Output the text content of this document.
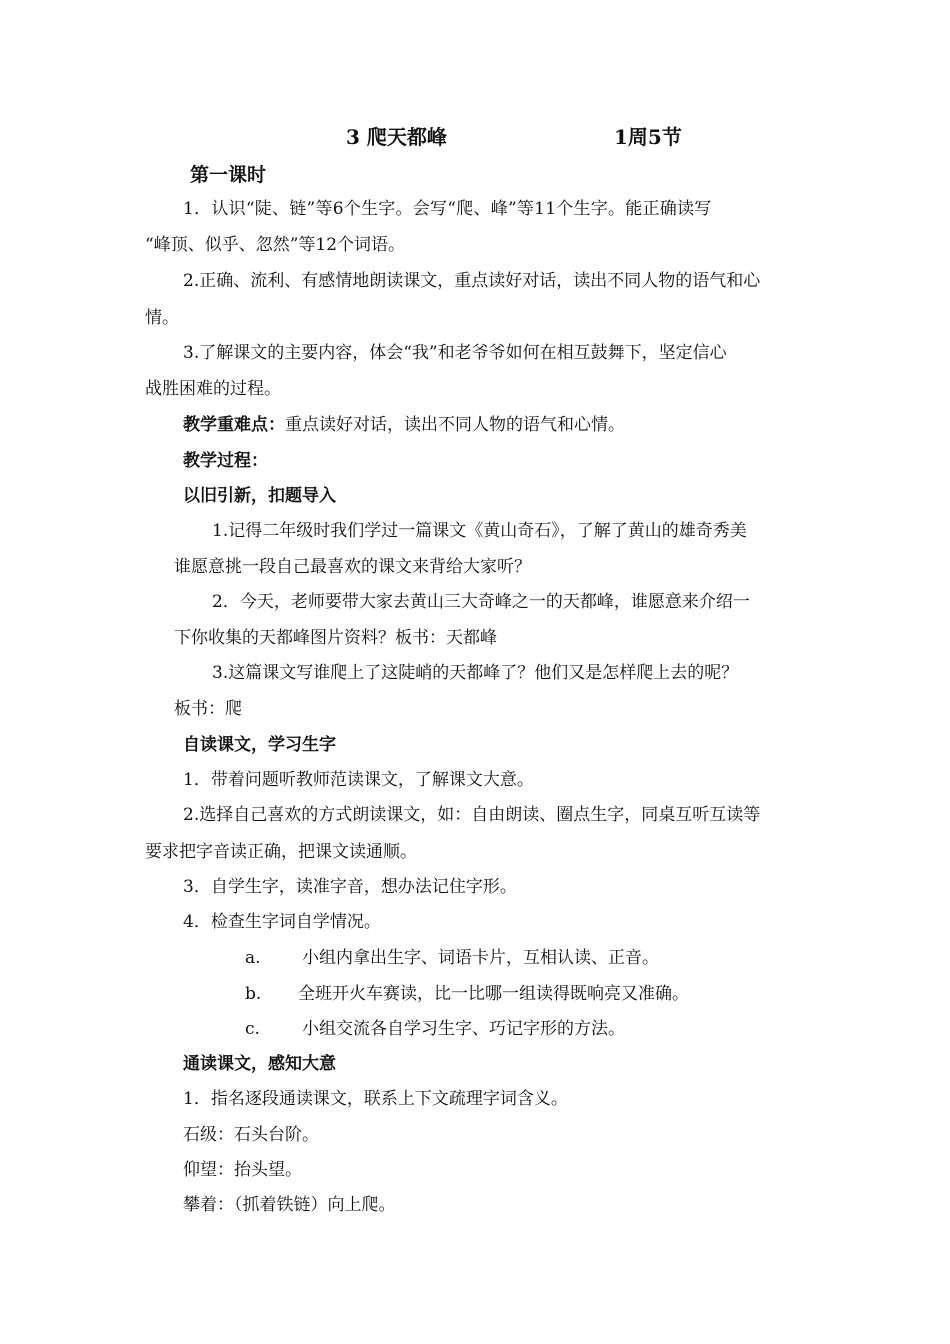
3 爬天都峰	1周5节
第一课时
1．认识“陡、链”等6个生字。会写“爬、峰”等11个生字。能正确读写
“峰顶、似乎、忽然”等12个词语。
2.正确、流利、有感情地朗读课文，重点读好对话，读出不同人物的语气和心
情。
3.了解课文的主要内容，体会“我”和老爷爷如何在相互鼓舞下，坚定信心
战胜困难的过程。
教学重难点：重点读好对话，读出不同人物的语气和心情。
教学过程：
以旧引新，扣题导入
1.记得二年级时我们学过一篇课文《黄山奇石》，了解了黄山的雄奇秀美
谁愿意挑一段自己最喜欢的课文来背给大家听？
2．今天，老师要带大家去黄山三大奇峰之一的天都峰，谁愿意来介绍一
下你收集的天都峰图片资料？板书：天都峰
3.这篇课文写谁爬上了这陡峭的天都峰了？他们又是怎样爬上去的呢？
板书：爬
自读课文，学习生字
1．带着问题听教师范读课文，了解课文大意。
2.选择自己喜欢的方式朗读课文，如：自由朗读、圈点生字，同桌互听互读等
要求把字音读正确，把课文读通顺。
3．自学生字，读准字音，想办法记住字形。
4．检查生字词自学情况。
a. 小组内拿出生字、词语卡片，互相认读、正音。
b. 全班开火车赛读，比一比哪一组读得既响亮又准确。
c. 小组交流各自学习生字、巧记字形的方法。
通读课文，感知大意
1．指名逐段通读课文，联系上下文疏理字词含义。
石级：石头台阶。
仰望：抬头望。
攀着：（抓着铁链）向上爬。
